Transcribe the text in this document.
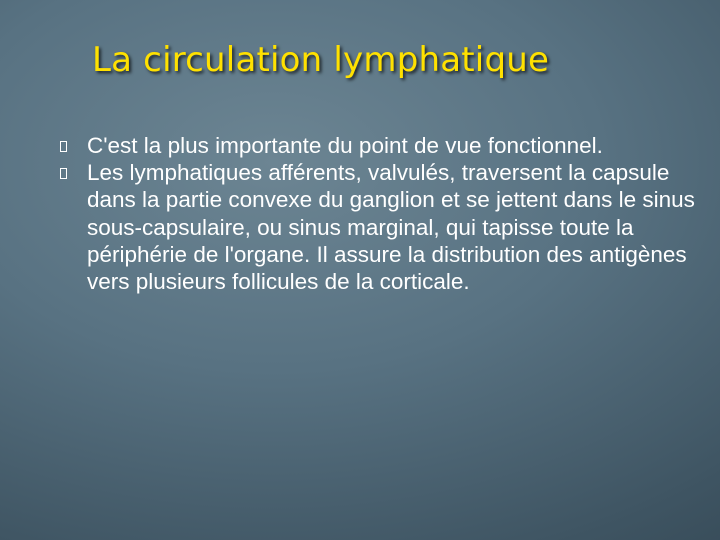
La circulation lymphatique
C'est la plus importante du point de vue fonctionnel.
Les lymphatiques afférents, valvulés, traversent la capsule dans la partie convexe du ganglion et se jettent dans le sinus sous-capsulaire, ou sinus marginal, qui tapisse toute la périphérie de l'organe. Il assure la distribution des antigènes vers plusieurs follicules de la corticale.
